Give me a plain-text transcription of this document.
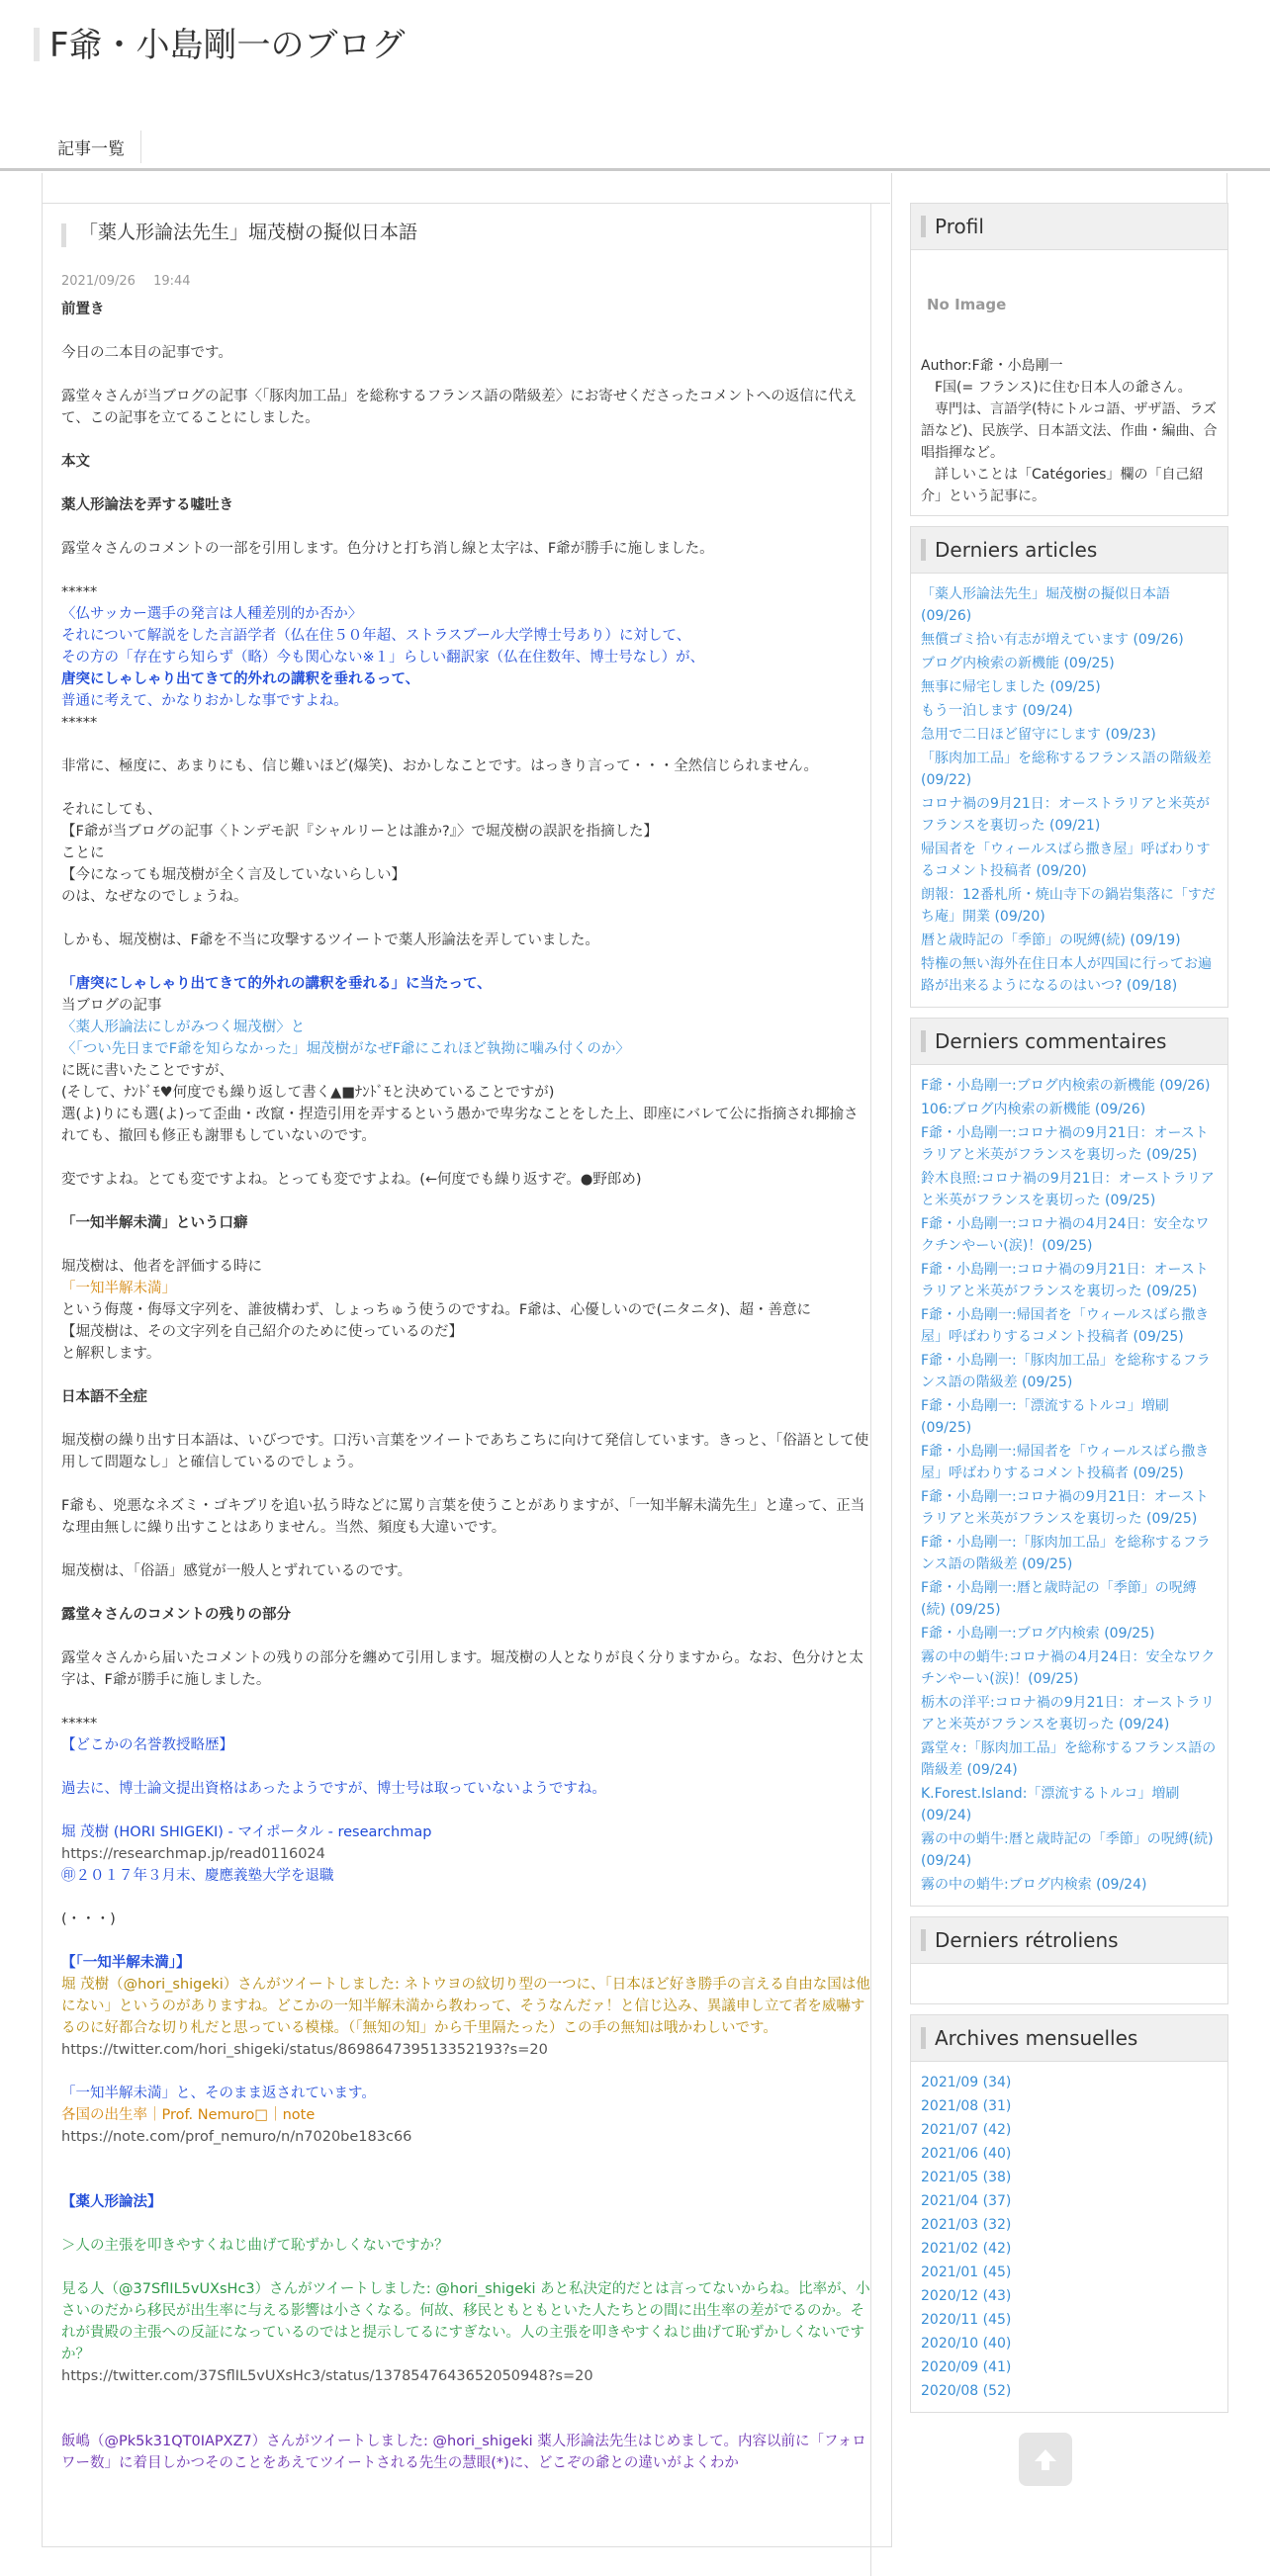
F爺・小島剛一のブログ
記事一覧
「薬人形論法先生」堀茂樹の擬似日本語
2021/09/26 19:44
前置き
今日の二本目の記事です。
露堂々さんが当ブログの記事〈「豚肉加工品」を総称するフランス語の階級差〉にお寄せくださったコメントへの返信に代えて、この記事を立てることにしました。
本文
薬人形論法を弄する嘘吐き
露堂々さんのコメントの一部を引用します。色分けと打ち消し線と太字は、F爺が勝手に施しました。
*****
〈仏サッカー選手の発言は人種差別的か否か〉
それについて解説をした言語学者（仏在住５０年超、ストラスブール大学博士号あり）に対して、
その方の「存在すら知らず（略）今も関心ない※１」らしい翻訳家（仏在住数年、博士号なし）が、
唐突にしゃしゃり出てきて的外れの講釈を垂れるって、
普通に考えて、かなりおかしな事ですよね。
*****
非常に、極度に、あまりにも、信じ難いほど(爆笑)、おかしなことです。はっきり言って・・・全然信じられません。
それにしても、
【F爺が当ブログの記事〈トンデモ訳『シャルリーとは誰か?』〉で堀茂樹の誤訳を指摘した】
ことに
【今になっても堀茂樹が全く言及していないらしい】
のは、なぜなのでしょうね。
しかも、堀茂樹は、F爺を不当に攻撃するツイートで薬人形論法を弄していました。
「唐突にしゃしゃり出てきて的外れの講釈を垂れる」に当たって、
当ブログの記事
〈薬人形論法にしがみつく堀茂樹〉と
〈「つい先日までF爺を知らなかった」堀茂樹がなぜF爺にこれほど執拗に噛み付くのか〉
に既に書いたことですが、
(そして、ﾅﾝﾄﾞﾓ♥何度でも繰り返して書く▲■ﾅﾝﾄﾞﾓと決めていることですが)
選(よ)りにも選(よ)って歪曲・改竄・捏造引用を弄するという愚かで卑劣なことをした上、即座にバレて公に指摘され揶揄されても、撤回も修正も謝罪もしていないのです。
変ですよね。とても変ですよね。とっても変ですよね。(←何度でも繰り返すぞ。●野郎め)
「一知半解未満」という口癖
堀茂樹は、他者を評価する時に
「一知半解未満」
という侮蔑・侮辱文字列を、誰彼構わず、しょっちゅう使うのですね。F爺は、心優しいので(ニタニタ)、超・善意に
【堀茂樹は、その文字列を自己紹介のために使っているのだ】
と解釈します。
日本語不全症
堀茂樹の繰り出す日本語は、いびつです。口汚い言葉をツイートであちこちに向けて発信しています。きっと、「俗語として使用して問題なし」と確信しているのでしょう。
F爺も、兇悪なネズミ・ゴキブリを追い払う時などに罵り言葉を使うことがありますが、「一知半解未満先生」と違って、正当な理由無しに繰り出すことはありません。当然、頻度も大違いです。
堀茂樹は、「俗語」感覚が一般人とずれているのです。
露堂々さんのコメントの残りの部分
露堂々さんから届いたコメントの残りの部分を纏めて引用します。堀茂樹の人となりが良く分りますから。なお、色分けと太字は、F爺が勝手に施しました。
*****
【どこかの名誉教授略歴】
過去に、博士論文提出資格はあったようですが、博士号は取っていないようですね。
堀 茂樹 (HORI SHIGEKI) - マイポータル - researchmap
https://researchmap.jp/read0116024
㊞２０１７年３月末、慶應義塾大学を退職
(・・・)
【「一知半解未満」】
堀 茂樹（@hori_shigeki）さんがツイートしました: ネトウヨの紋切り型の一つに、「日本ほど好き勝手の言える自由な国は他にない」というのがありますね。どこかの一知半解未満から教わって、そうなんだァ！と信じ込み、異議申し立て者を威嚇するのに好都合な切り札だと思っている模様。（「無知の知」から千里隔たった）この手の無知は哦かわしいです。
https://twitter.com/hori_shigeki/status/869864739513352193?s=20
「一知半解未満」と、そのまま返されています。
各国の出生率｜Prof. Nemuro□｜note
https://note.com/prof_nemuro/n/n7020be183c66
【薬人形論法】
＞人の主張を叩きやすくねじ曲げて恥ずかしくないですか？
見る人（@37SflIL5vUXsHc3）さんがツイートしました: @hori_shigeki あと私決定的だとは言ってないからね。比率が、小さいのだから移民が出生率に与える影響は小さくなる。何故、移民ともともといた人たちとの間に出生率の差がでるのか。それが貴殿の主張への反証になっているのではと提示してるにすぎない。人の主張を叩きやすくねじ曲げて恥ずかしくないですか？
https://twitter.com/37SflIL5vUXsHc3/status/1378547643652050948?s=20
飯嶋（@Pk5k31QT0IAPXZ7）さんがツイートしました: @hori_shigeki 薬人形論法先生はじめまして。内容以前に「フォロワー数」に着目しかつそのことをあえてツイートされる先生の慧眼(*)に、どこぞの爺との違いがよくわか
Profil
No Image
Author:F爺・小島剛一
　F国(= フランス)に住む日本人の爺さん。
　専門は、言語学(特にトルコ語、ザザ語、ラズ語など)、民族学、日本語文法、作曲・編曲、合唱指揮など。
　詳しいことは「Catégories」欄の「自己紹介」という記事に。
Derniers articles
「薬人形論法先生」堀茂樹の擬似日本語 (09/26)
無償ゴミ拾い有志が増えています (09/26)
ブログ内検索の新機能 (09/25)
無事に帰宅しました (09/25)
もう一泊します (09/24)
急用で二日ほど留守にします (09/23)
「豚肉加工品」を総称するフランス語の階級差 (09/22)
コロナ禍の9月21日：オーストラリアと米英がフランスを裏切った (09/21)
帰国者を「ウィールスばら撒き屋」呼ばわりするコメント投稿者 (09/20)
朗報：12番札所・焼山寺下の鍋岩集落に「すだち庵」開業 (09/20)
暦と歳時記の「季節」の呪縛(続) (09/19)
特権の無い海外在住日本人が四国に行ってお遍路が出来るようになるのはいつ? (09/18)
Derniers commentaires
F爺・小島剛一:ブログ内検索の新機能 (09/26)
106:ブログ内検索の新機能 (09/26)
F爺・小島剛一:コロナ禍の9月21日：オーストラリアと米英がフランスを裏切った (09/25)
鈴木良照:コロナ禍の9月21日：オーストラリアと米英がフランスを裏切った (09/25)
F爺・小島剛一:コロナ禍の4月24日：安全なワクチンやーい(涙)！(09/25)
F爺・小島剛一:コロナ禍の9月21日：オーストラリアと米英がフランスを裏切った (09/25)
F爺・小島剛一:帰国者を「ウィールスばら撒き屋」呼ばわりするコメント投稿者 (09/25)
F爺・小島剛一:「豚肉加工品」を総称するフランス語の階級差 (09/25)
F爺・小島剛一:「漂流するトルコ」増刷 (09/25)
F爺・小島剛一:帰国者を「ウィールスばら撒き屋」呼ばわりするコメント投稿者 (09/25)
F爺・小島剛一:コロナ禍の9月21日：オーストラリアと米英がフランスを裏切った (09/25)
F爺・小島剛一:「豚肉加工品」を総称するフランス語の階級差 (09/25)
F爺・小島剛一:暦と歳時記の「季節」の呪縛(続) (09/25)
F爺・小島剛一:ブログ内検索 (09/25)
霧の中の蛸牛:コロナ禍の4月24日：安全なワクチンやーい(涙)！(09/25)
栃木の洋平:コロナ禍の9月21日：オーストラリアと米英がフランスを裏切った (09/24)
露堂々:「豚肉加工品」を総称するフランス語の階級差 (09/24)
K.Forest.Island:「漂流するトルコ」増刷 (09/24)
霧の中の蛸牛:暦と歳時記の「季節」の呪縛(続) (09/24)
霧の中の蛸牛:ブログ内検索 (09/24)
Derniers rétroliens
Archives mensuelles
2021/09 (34)
2021/08 (31)
2021/07 (42)
2021/06 (40)
2021/05 (38)
2021/04 (37)
2021/03 (32)
2021/02 (42)
2021/01 (45)
2020/12 (43)
2020/11 (45)
2020/10 (40)
2020/09 (41)
2020/08 (52)
